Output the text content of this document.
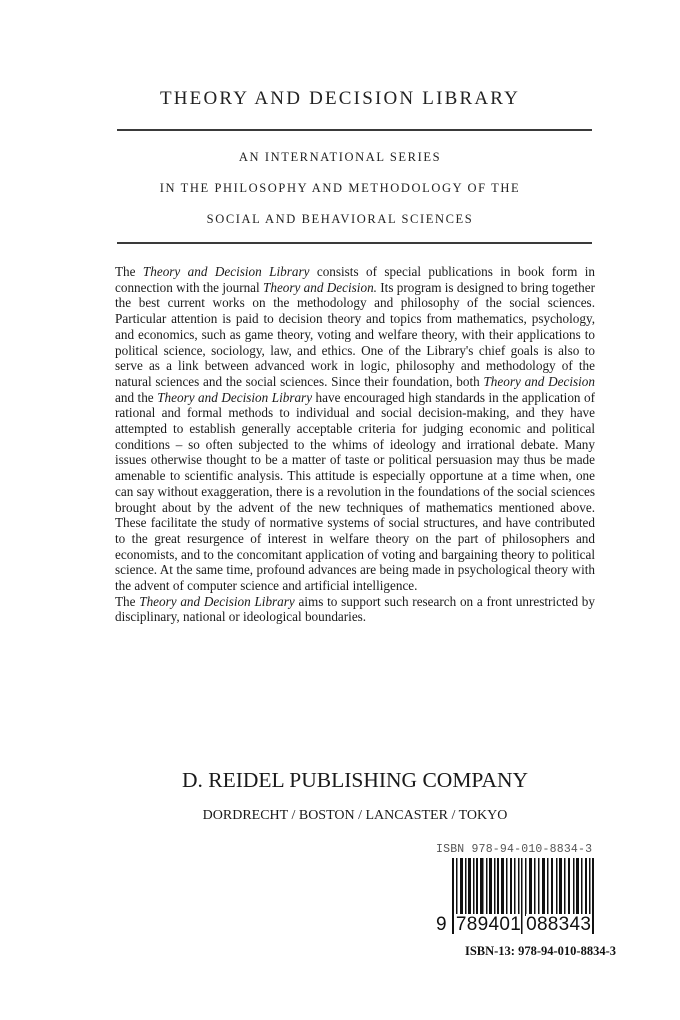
THEORY AND DECISION LIBRARY
AN INTERNATIONAL SERIES
IN THE PHILOSOPHY AND METHODOLOGY OF THE
SOCIAL AND BEHAVIORAL SCIENCES

The Theory and Decision Library consists of special publications in book form in connection with the journal Theory and Decision. Its program is designed to bring together the best current works on the methodology and philosophy of the social sciences. Particular attention is paid to decision theory and topics from mathematics, psychology, and economics, such as game theory, voting and welfare theory, with their applications to political science, sociology, law, and ethics. One of the Library's chief goals is also to serve as a link between advanced work in logic, philosophy and methodology of the natural sciences and the social sciences. Since their foundation, both Theory and Decision and the Theory and Decision Library have encouraged high standards in the application of rational and formal methods to individual and social decision-making, and they have attempted to establish generally acceptable criteria for judging economic and political conditions – so often subjected to the whims of ideology and irrational debate. Many issues otherwise thought to be a matter of taste or political persuasion may thus be made amenable to scientific analysis. This attitude is especially opportune at a time when, one can say without exaggeration, there is a revolution in the foundations of the social sciences brought about by the advent of the new techniques of mathematics mentioned above. These facilitate the study of normative systems of social structures, and have contributed to the great resurgence of interest in welfare theory on the part of philosophers and economists, and to the concomitant application of voting and bargaining theory to political science. At the same time, profound advances are being made in psychological theory with the advent of computer science and artificial intelligence.

The Theory and Decision Library aims to support such research on a front unrestricted by disciplinary, national or ideological boundaries.

D. REIDEL PUBLISHING COMPANY
DORDRECHT / BOSTON / LANCASTER / TOKYO
ISBN 978-94-010-8834-3
9 789401 088343
ISBN-13: 978-94-010-8834-3
